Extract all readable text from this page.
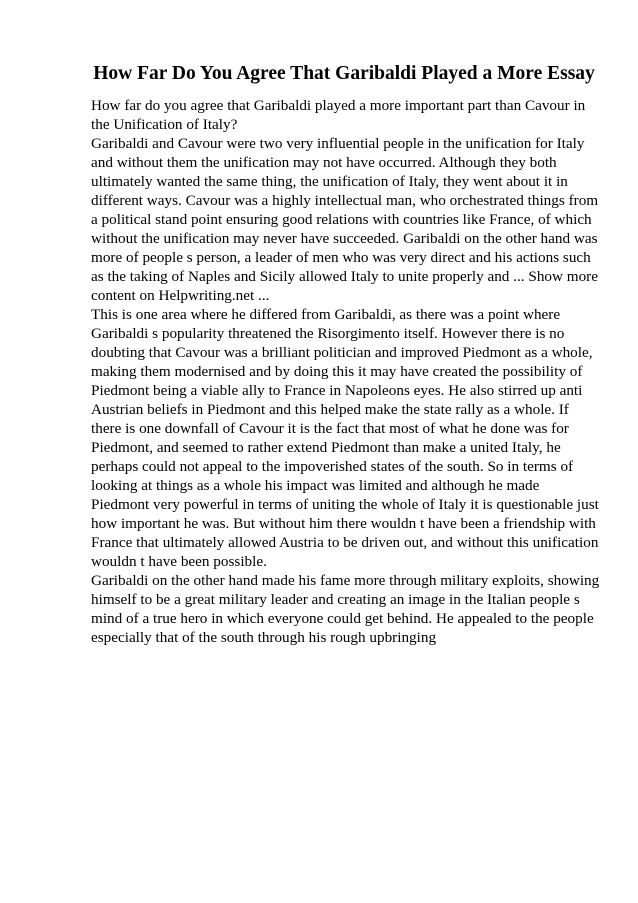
How Far Do You Agree That Garibaldi Played a More Essay

How far do you agree that Garibaldi played a more important part than Cavour in the Unification of Italy?

Garibaldi and Cavour were two very influential people in the unification for Italy and without them the unification may not have occurred. Although they both ultimately wanted the same thing, the unification of Italy, they went about it in different ways. Cavour was a highly intellectual man, who orchestrated things from a political stand point ensuring good relations with countries like France, of which without the unification may never have succeeded. Garibaldi on the other hand was more of people s person, a leader of men who was very direct and his actions such as the taking of Naples and Sicily allowed Italy to unite properly and ... Show more content on Helpwriting.net ...

This is one area where he differed from Garibaldi, as there was a point where Garibaldi s popularity threatened the Risorgimento itself. However there is no doubting that Cavour was a brilliant politician and improved Piedmont as a whole, making them modernised and by doing this it may have created the possibility of Piedmont being a viable ally to France in Napoleons eyes. He also stirred up anti Austrian beliefs in Piedmont and this helped make the state rally as a whole. If there is one downfall of Cavour it is the fact that most of what he done was for Piedmont, and seemed to rather extend Piedmont than make a united Italy, he perhaps could not appeal to the impoverished states of the south. So in terms of looking at things as a whole his impact was limited and although he made Piedmont very powerful in terms of uniting the whole of Italy it is questionable just how important he was. But without him there wouldn t have been a friendship with France that ultimately allowed Austria to be driven out, and without this unification wouldn t have been possible.

Garibaldi on the other hand made his fame more through military exploits, showing himself to be a great military leader and creating an image in the Italian people s mind of a true hero in which everyone could get behind. He appealed to the people especially that of the south through his rough upbringing
